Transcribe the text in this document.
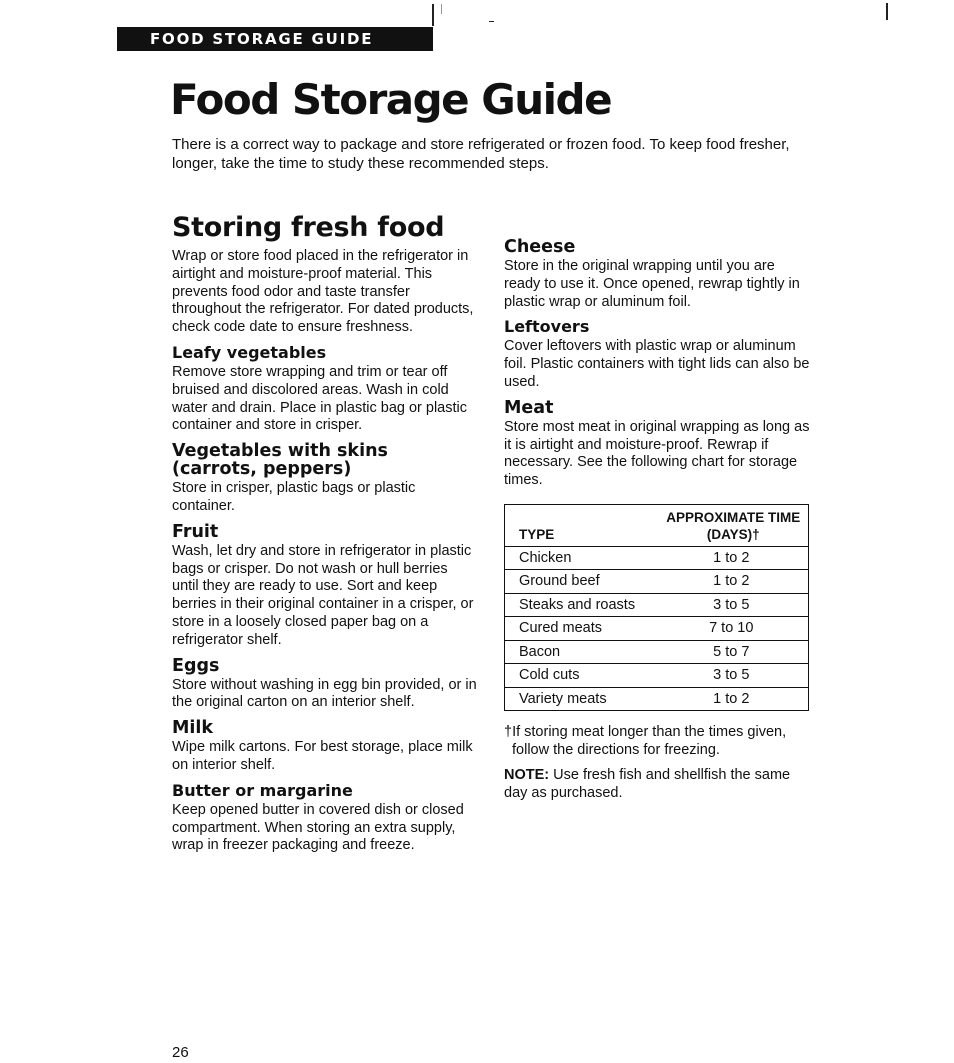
FOOD STORAGE GUIDE
Food Storage Guide

There is a correct way to package and store refrigerated or frozen food. To keep food fresher, longer, take the time to study these recommended steps.

Storing fresh food

Wrap or store food placed in the refrigerator in airtight and moisture-proof material. This prevents food odor and taste transfer throughout the refrigerator. For dated products, check code date to ensure freshness.

Leafy vegetables

Remove store wrapping and trim or tear off bruised and discolored areas. Wash in cold water and drain. Place in plastic bag or plastic container and store in crisper.

Vegetables with skins (carrots, peppers)

Store in crisper, plastic bags or plastic container.

Fruit

Wash, let dry and store in refrigerator in plastic bags or crisper. Do not wash or hull berries until they are ready to use. Sort and keep berries in their original container in a crisper, or store in a loosely closed paper bag on a refrigerator shelf.

Eggs

Store without washing in egg bin provided, or in the original carton on an interior shelf.

Milk

Wipe milk cartons. For best storage, place milk on interior shelf.

Butter or margarine

Keep opened butter in covered dish or closed compartment. When storing an extra supply, wrap in freezer packaging and freeze.

Cheese

Store in the original wrapping until you are ready to use it. Once opened, rewrap tightly in plastic wrap or aluminum foil.

Leftovers

Cover leftovers with plastic wrap or aluminum foil. Plastic containers with tight lids can also be used.

Meat

Store most meat in original wrapping as long as it is airtight and moisture-proof. Rewrap if necessary. See the following chart for storage times.

TYPE	APPROXIMATE TIME
(DAYS)†

Chicken	1 to 2
Ground beef	1 to 2
Steaks and roasts	3 to 5
Cured meats	7 to 10
Bacon	5 to 7
Cold cuts	3 to 5
Variety meats	1 to 2

†If storing meat longer than the times given, follow the directions for freezing.

NOTE: Use fresh fish and shellfish the same day as purchased.

26
